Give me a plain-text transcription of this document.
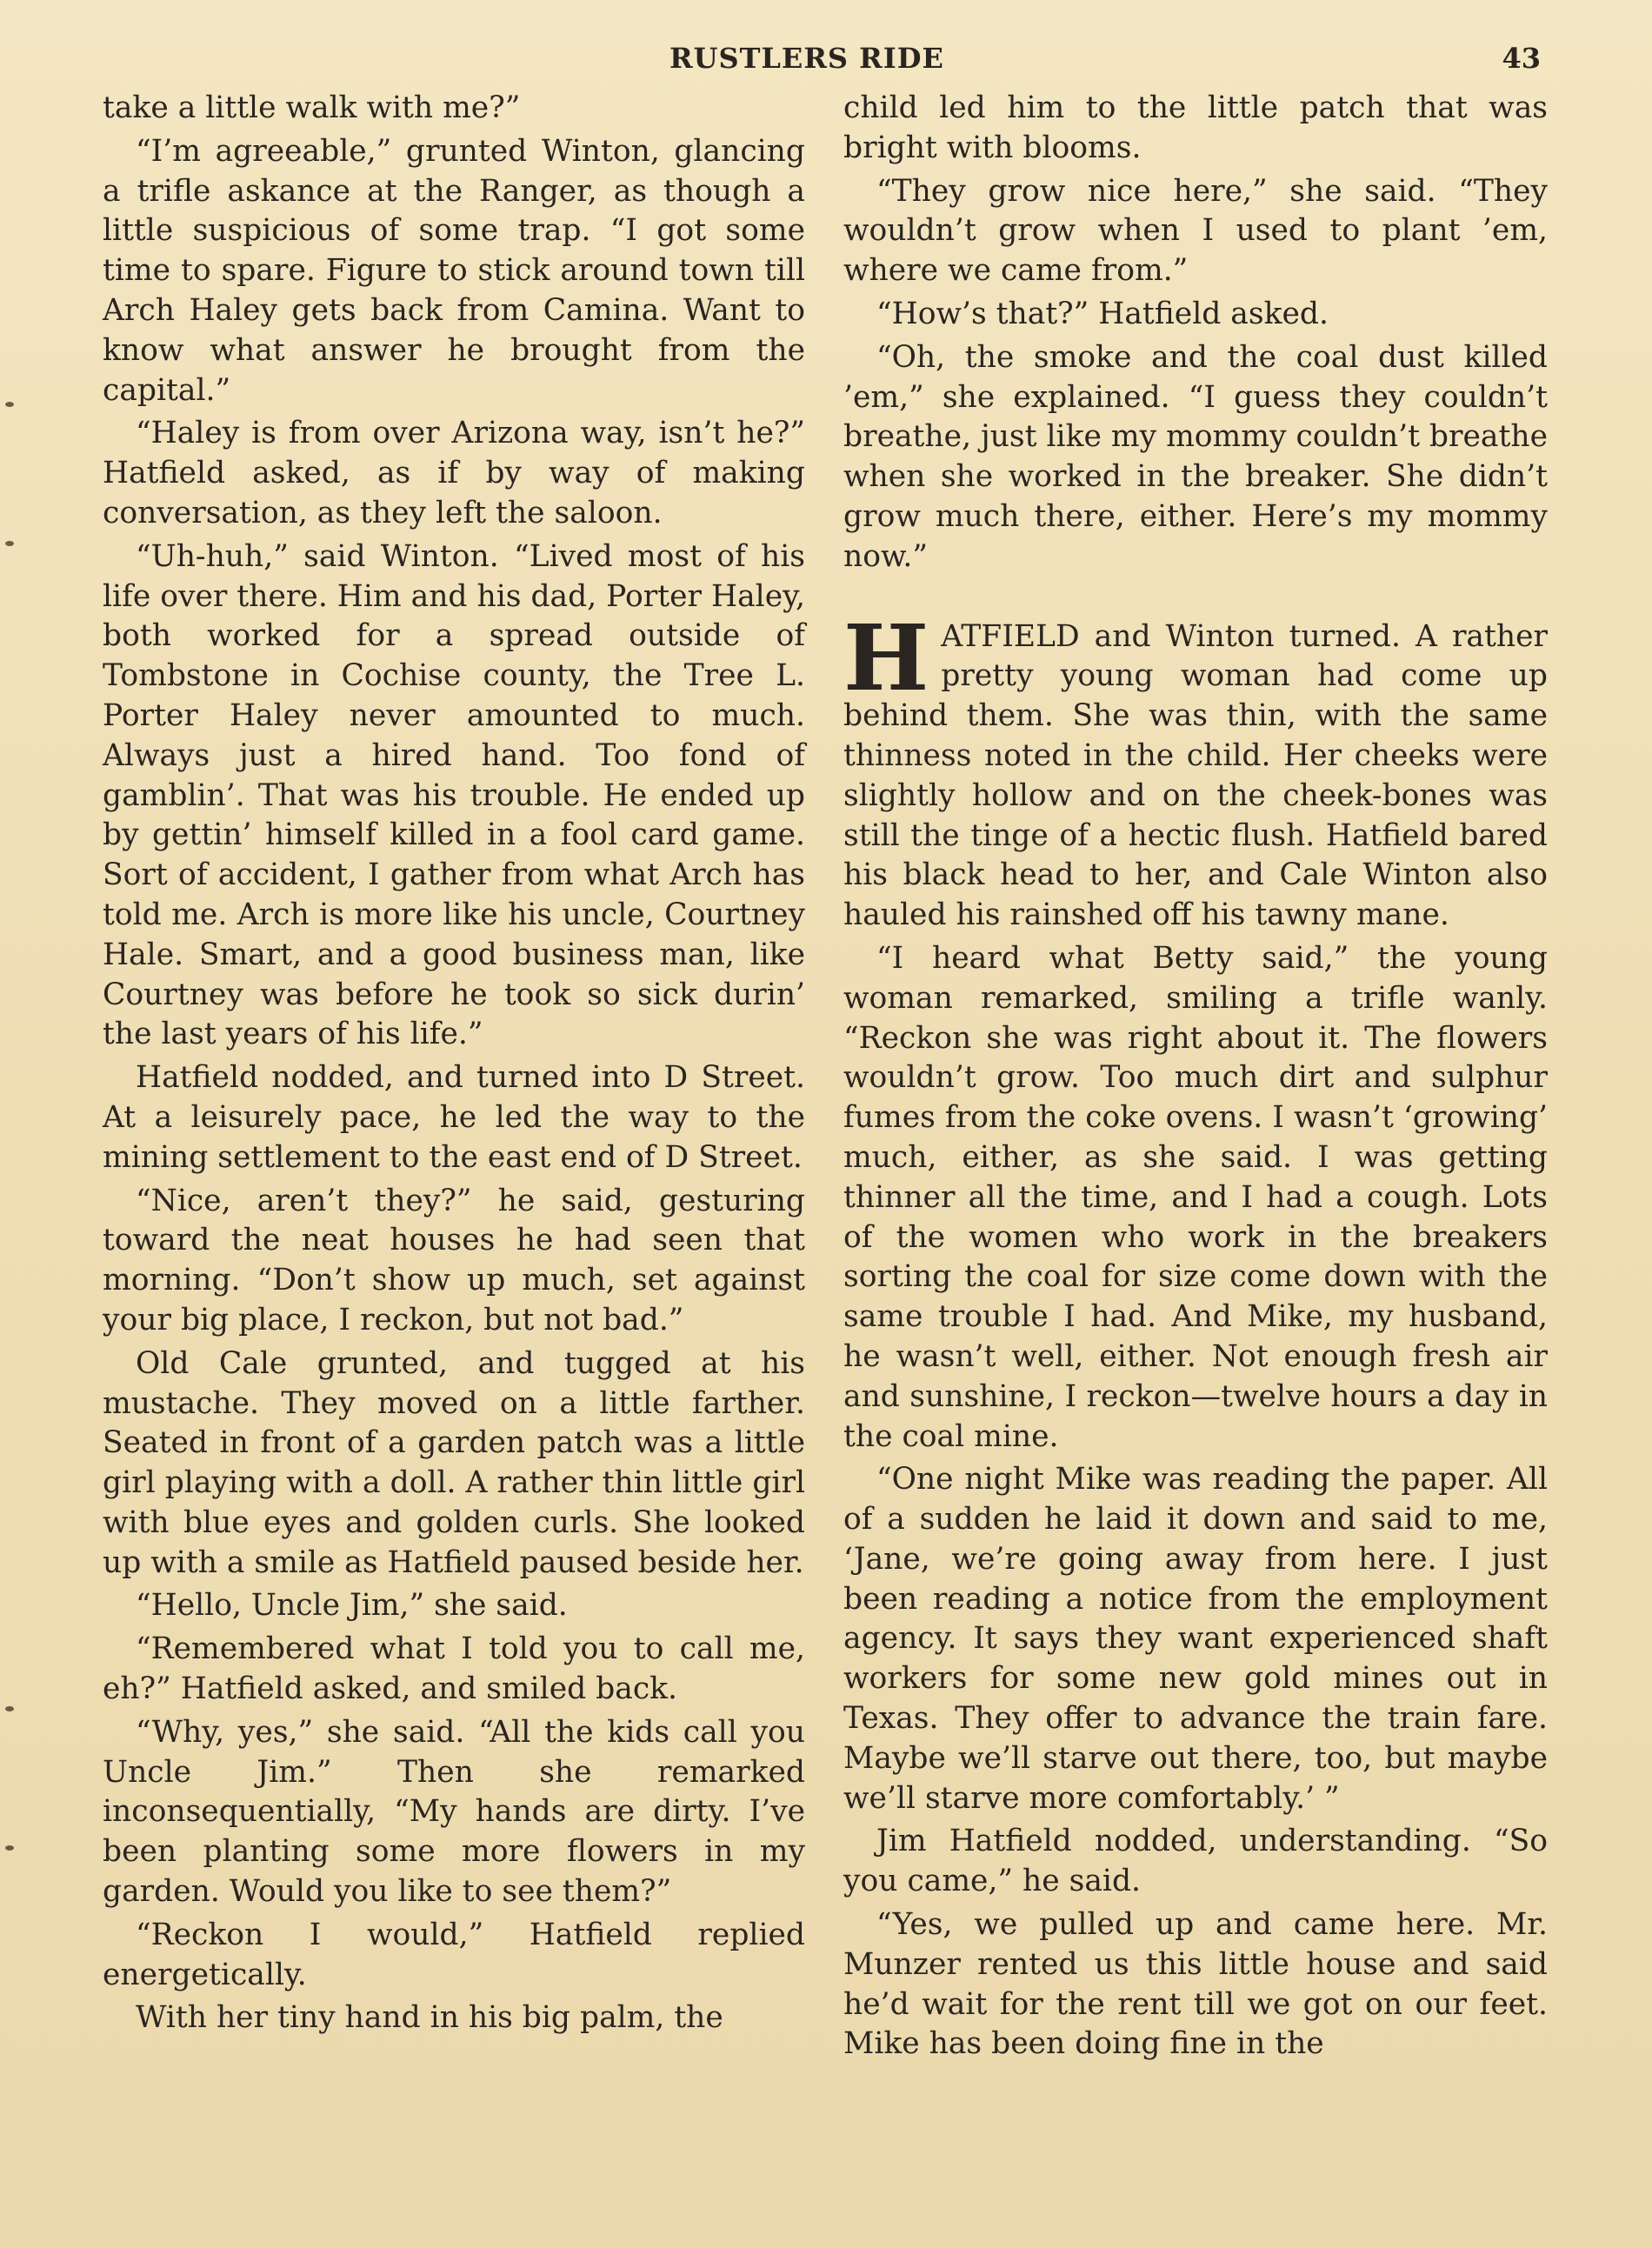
RUSTLERS RIDE	43

take a little walk with me?”

“I’m agreeable,” grunted Winton, glancing a trifle askance at the Ranger, as though a little suspicious of some trap. “I got some time to spare. Figure to stick around town till Arch Haley gets back from Camina. Want to know what answer he brought from the capital.”

“Haley is from over Arizona way, isn’t he?” Hatfield asked, as if by way of making conversation, as they left the saloon.

“Uh-huh,” said Winton. “Lived most of his life over there. Him and his dad, Porter Haley, both worked for a spread outside of Tombstone in Cochise county, the Tree L. Porter Haley never amounted to much. Always just a hired hand. Too fond of gamblin’. That was his trouble. He ended up by gettin’ himself killed in a fool card game. Sort of accident, I gather from what Arch has told me. Arch is more like his uncle, Courtney Hale. Smart, and a good business man, like Courtney was before he took so sick durin’ the last years of his life.”

Hatfield nodded, and turned into D Street. At a leisurely pace, he led the way to the mining settlement to the east end of D Street.

“Nice, aren’t they?” he said, gesturing toward the neat houses he had seen that morning. “Don’t show up much, set against your big place, I reckon, but not bad.”

Old Cale grunted, and tugged at his mustache. They moved on a little farther. Seated in front of a garden patch was a little girl playing with a doll. A rather thin little girl with blue eyes and golden curls. She looked up with a smile as Hatfield paused beside her.

“Hello, Uncle Jim,” she said.

“Remembered what I told you to call me, eh?” Hatfield asked, and smiled back.

“Why, yes,” she said. “All the kids call you Uncle Jim.” Then she remarked inconsequentially, “My hands are dirty. I’ve been planting some more flowers in my garden. Would you like to see them?”

“Reckon I would,” Hatfield replied energetically.

With her tiny hand in his big palm, the

child led him to the little patch that was bright with blooms.

“They grow nice here,” she said. “They wouldn’t grow when I used to plant ’em, where we came from.”

“How’s that?” Hatfield asked.

“Oh, the smoke and the coal dust killed ’em,” she explained. “I guess they couldn’t breathe, just like my mommy couldn’t breathe when she worked in the breaker. She didn’t grow much there, either. Here’s my mommy now.”

HATFIELD and Winton turned. A rather pretty young woman had come up behind them. She was thin, with the same thinness noted in the child. Her cheeks were slightly hollow and on the cheek-bones was still the tinge of a hectic flush. Hatfield bared his black head to her, and Cale Winton also hauled his rainshed off his tawny mane.

“I heard what Betty said,” the young woman remarked, smiling a trifle wanly. “Reckon she was right about it. The flowers wouldn’t grow. Too much dirt and sulphur fumes from the coke ovens. I wasn’t ‘growing’ much, either, as she said. I was getting thinner all the time, and I had a cough. Lots of the women who work in the breakers sorting the coal for size come down with the same trouble I had. And Mike, my husband, he wasn’t well, either. Not enough fresh air and sunshine, I reckon—twelve hours a day in the coal mine.

“One night Mike was reading the paper. All of a sudden he laid it down and said to me, ‘Jane, we’re going away from here. I just been reading a notice from the employment agency. It says they want experienced shaft workers for some new gold mines out in Texas. They offer to advance the train fare. Maybe we’ll starve out there, too, but maybe we’ll starve more comfortably.’ ”

Jim Hatfield nodded, understanding. “So you came,” he said.

“Yes, we pulled up and came here. Mr. Munzer rented us this little house and said he’d wait for the rent till we got on our feet. Mike has been doing fine in the
